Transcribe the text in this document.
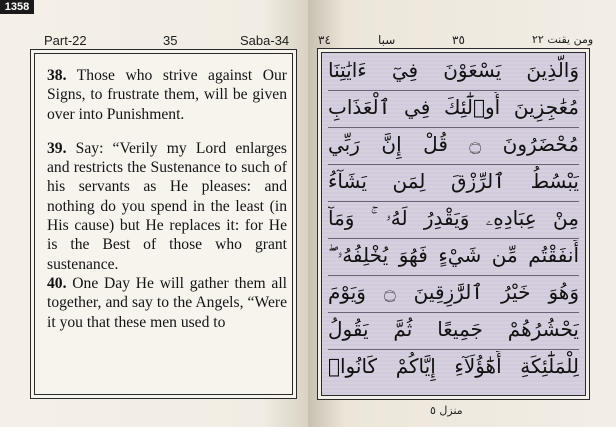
1358
Part-22	35	Saba-34 ٣٤	سبا	٣٥	ومن يقنت ٢٢

38. Those who strive against Our Signs, to frustrate them, will be given over into Punishment.

39. Say: “Verily my Lord enlarges and restricts the Sustenance to such of his servants as He pleases: and nothing do you spend in the least (in His cause) but He replaces it: for He is the Best of those who grant sustenance.

40. One Day He will gather them all together, and say to the Angels, “Were it you that these men used to

وَالَّذِينَ يَسْعَوْنَ فِيٓ ءَايَٰتِنَا
مُعَٰجِزِينَ أُو۟لَٰٓئِكَ فِي ٱلْعَذَابِ
مُحْضَرُونَ ۝ قُلْ إِنَّ رَبِّي
يَبْسُطُ ٱلرِّزْقَ لِمَن يَشَآءُ
مِنْ عِبَادِهِۦ وَيَقْدِرُ لَهُۥ ۚ وَمَآ
أَنفَقْتُم مِّن شَيْءٍ فَهُوَ يُخْلِفُهُۥ ۖ
وَهُوَ خَيْرُ ٱلرَّٰزِقِينَ ۝ وَيَوْمَ
يَحْشُرُهُمْ جَمِيعًا ثُمَّ يَقُولُ
لِلْمَلَٰٓئِكَةِ أَهَٰٓؤُلَآءِ إِيَّاكُمْ كَانُوا۟
منزل ٥
